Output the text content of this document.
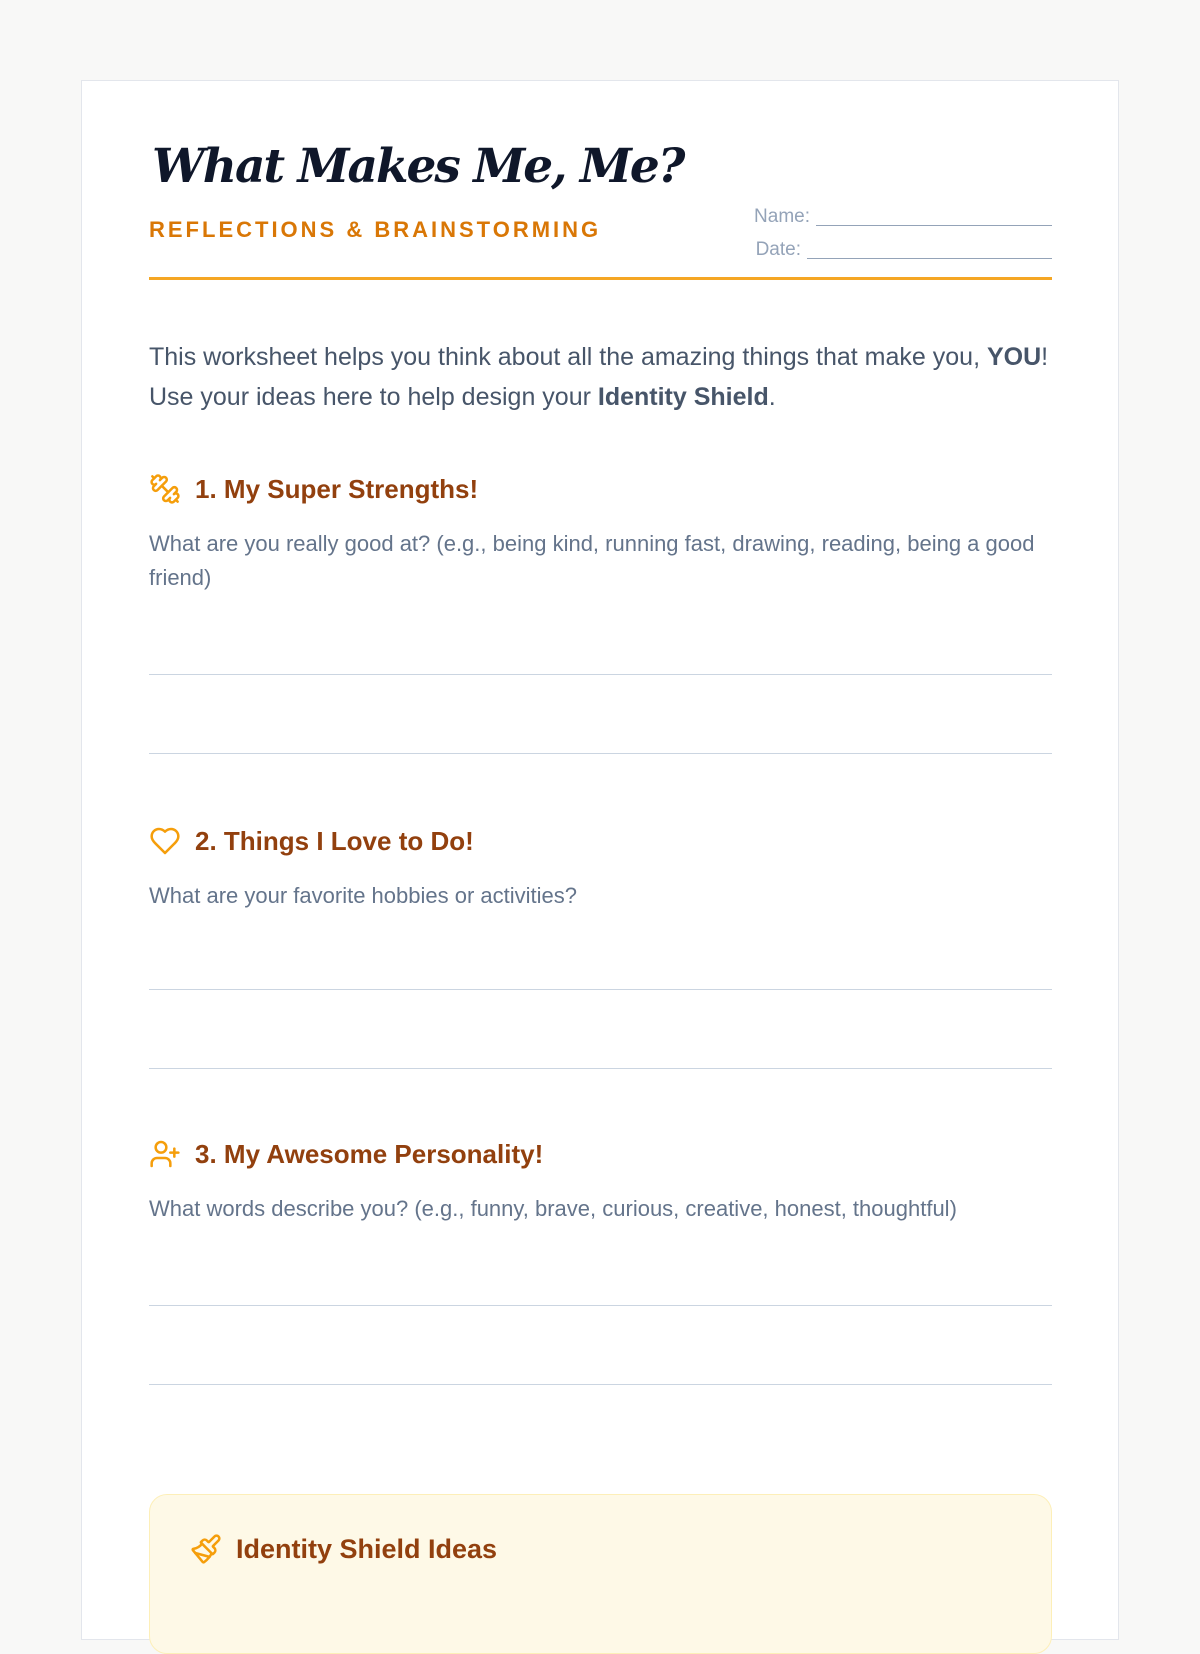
What Makes Me, Me?
REFLECTIONS & BRAINSTORMING
Name:
Date:

This worksheet helps you think about all the amazing things that make you, YOU! Use your ideas here to help design your Identity Shield.

1. My Super Strengths!
What are you really good at? (e.g., being kind, running fast, drawing, reading, being a good friend)
2. Things I Love to Do!
What are your favorite hobbies or activities?
3. My Awesome Personality!
What words describe you? (e.g., funny, brave, curious, creative, honest, thoughtful)
Identity Shield Ideas
